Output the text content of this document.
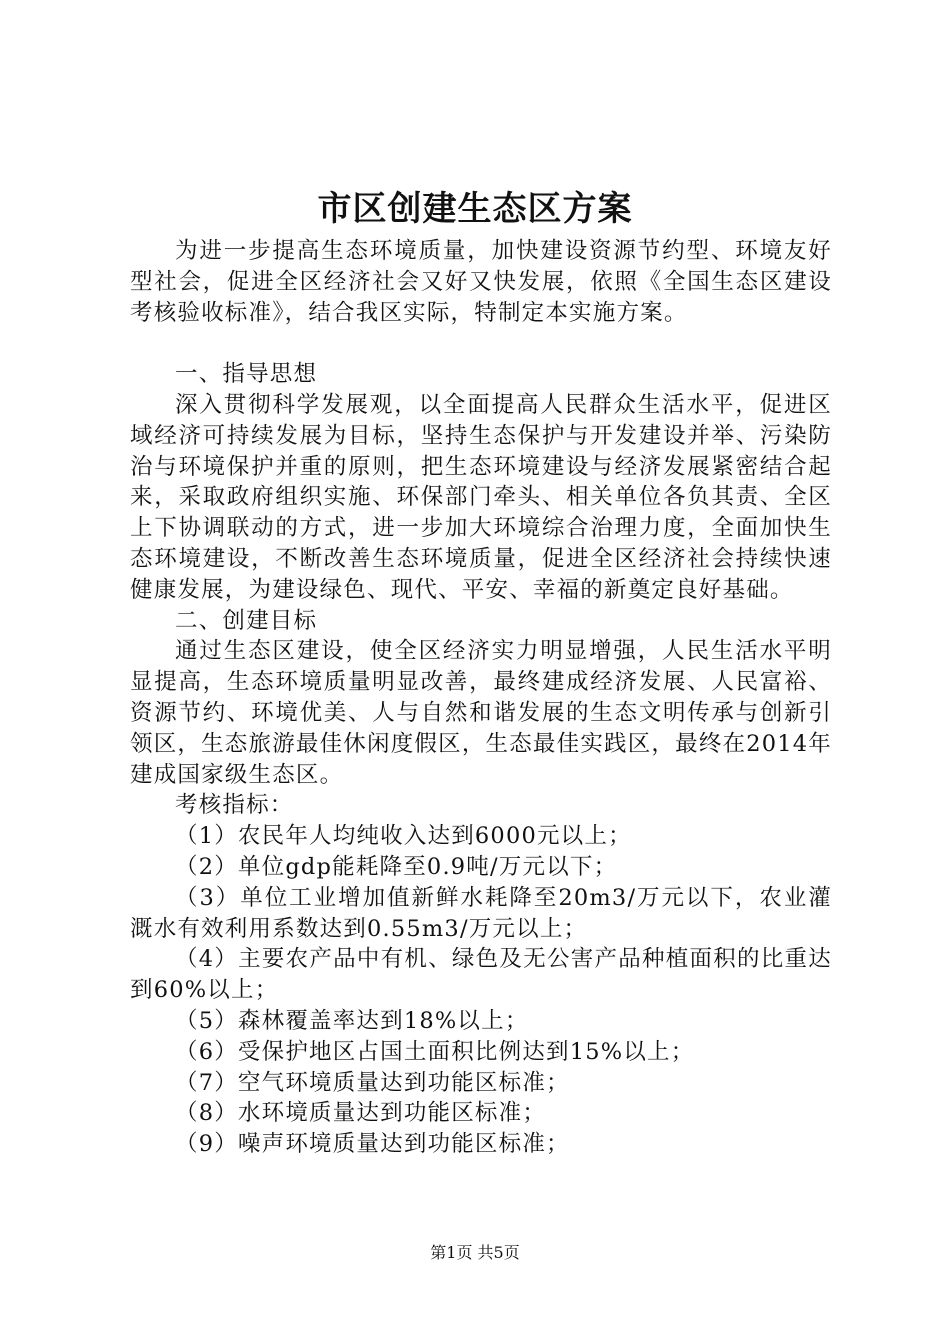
市区创建生态区方案

为进一步提高生态环境质量，加快建设资源节约型、环境友好型社会，促进全区经济社会又好又快发展，依照《全国生态区建设考核验收标准》，结合我区实际，特制定本实施方案。

一、指导思想

深入贯彻科学发展观，以全面提高人民群众生活水平，促进区域经济可持续发展为目标，坚持生态保护与开发建设并举、污染防治与环境保护并重的原则，把生态环境建设与经济发展紧密结合起来，采取政府组织实施、环保部门牵头、相关单位各负其责、全区上下协调联动的方式，进一步加大环境综合治理力度，全面加快生态环境建设，不断改善生态环境质量，促进全区经济社会持续快速健康发展，为建设绿色、现代、平安、幸福的新奠定良好基础。

二、创建目标

通过生态区建设，使全区经济实力明显增强，人民生活水平明显提高，生态环境质量明显改善，最终建成经济发展、人民富裕、资源节约、环境优美、人与自然和谐发展的生态文明传承与创新引领区，生态旅游最佳休闲度假区，生态最佳实践区，最终在2014年建成国家级生态区。

考核指标：

（1）农民年人均纯收入达到6000元以上；

（2）单位gdp能耗降至0.9吨/万元以下；

（3）单位工业增加值新鲜水耗降至20m3/万元以下，农业灌溉水有效利用系数达到0.55m3/万元以上；

（4）主要农产品中有机、绿色及无公害产品种植面积的比重达到60%以上；

（5）森林覆盖率达到18%以上；

（6）受保护地区占国土面积比例达到15%以上；

（7）空气环境质量达到功能区标准；

（8）水环境质量达到功能区标准；

（9）噪声环境质量达到功能区标准；

第1页 共5页
